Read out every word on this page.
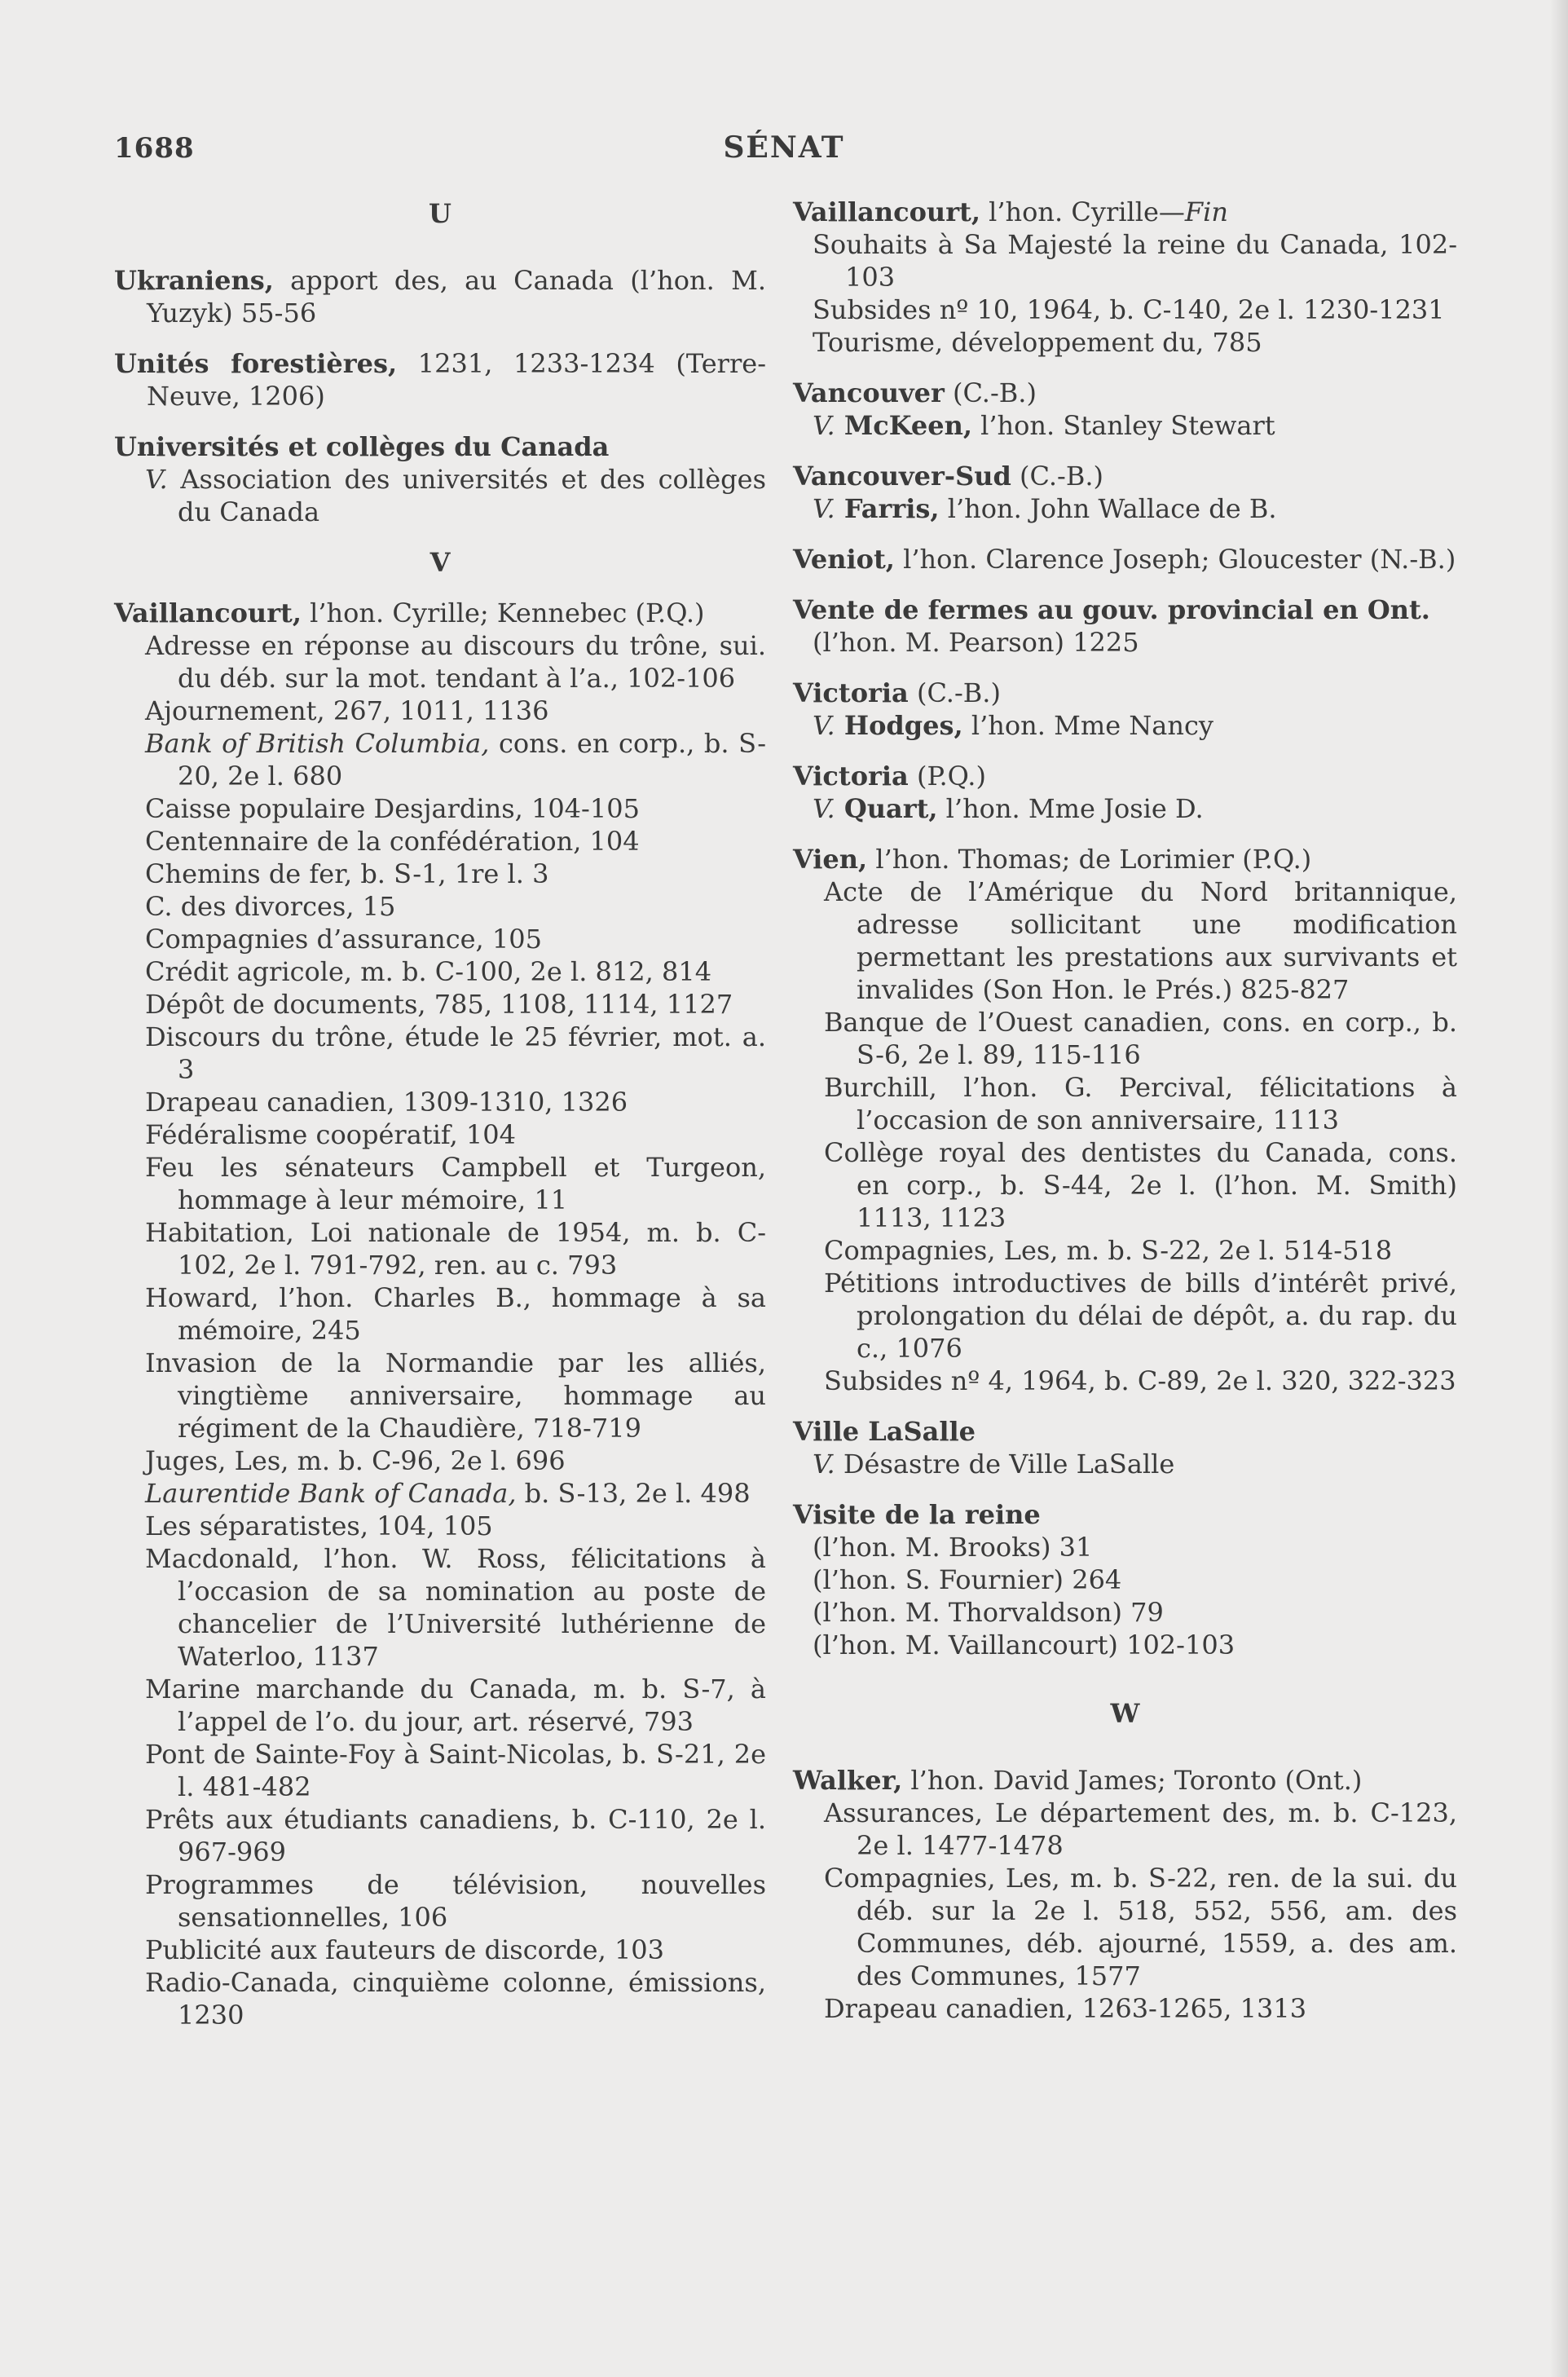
1688	SÉNAT
U
Ukraniens, apport des, au Canada (l’hon. M. Yuzyk) 55-56
Unités forestières, 1231, 1233-1234 (Terre-Neuve, 1206)
Universités et collèges du Canada
V. Association des universités et des collèges du Canada
V
Vaillancourt, l’hon. Cyrille; Kennebec (P.Q.)
Adresse en réponse au discours du trône, sui. du déb. sur la mot. tendant à l’a., 102-106
Ajournement, 267, 1011, 1136
Bank of British Columbia, cons. en corp., b. S-20, 2e l. 680
Caisse populaire Desjardins, 104-105
Centennaire de la confédération, 104
Chemins de fer, b. S-1, 1re l. 3
C. des divorces, 15
Compagnies d’assurance, 105
Crédit agricole, m. b. C-100, 2e l. 812, 814
Dépôt de documents, 785, 1108, 1114, 1127
Discours du trône, étude le 25 février, mot. a. 3
Drapeau canadien, 1309-1310, 1326
Fédéralisme coopératif, 104
Feu les sénateurs Campbell et Turgeon, hommage à leur mémoire, 11
Habitation, Loi nationale de 1954, m. b. C-102, 2e l. 791-792, ren. au c. 793
Howard, l’hon. Charles B., hommage à sa mémoire, 245
Invasion de la Normandie par les alliés, vingtième anniversaire, hommage au régiment de la Chaudière, 718-719
Juges, Les, m. b. C-96, 2e l. 696
Laurentide Bank of Canada, b. S-13, 2e l. 498
Les séparatistes, 104, 105
Macdonald, l’hon. W. Ross, félicitations à l’occasion de sa nomination au poste de chancelier de l’Université luthérienne de Waterloo, 1137
Marine marchande du Canada, m. b. S-7, à l’appel de l’o. du jour, art. réservé, 793
Pont de Sainte-Foy à Saint-Nicolas, b. S-21, 2e l. 481-482
Prêts aux étudiants canadiens, b. C-110, 2e l. 967-969
Programmes de télévision, nouvelles sensationnelles, 106
Publicité aux fauteurs de discorde, 103
Radio-Canada, cinquième colonne, émissions, 1230
Vaillancourt, l’hon. Cyrille—Fin
Souhaits à Sa Majesté la reine du Canada, 102-103
Subsides nº 10, 1964, b. C-140, 2e l. 1230-1231
Tourisme, développement du, 785
Vancouver (C.-B.)
V. McKeen, l’hon. Stanley Stewart
Vancouver-Sud (C.-B.)
V. Farris, l’hon. John Wallace de B.
Veniot, l’hon. Clarence Joseph; Gloucester (N.-B.)
Vente de fermes au gouv. provincial en Ont.
(l’hon. M. Pearson) 1225
Victoria (C.-B.)
V. Hodges, l’hon. Mme Nancy
Victoria (P.Q.)
V. Quart, l’hon. Mme Josie D.
Vien, l’hon. Thomas; de Lorimier (P.Q.)
Acte de l’Amérique du Nord britannique, adresse sollicitant une modification permettant les prestations aux survivants et invalides (Son Hon. le Prés.) 825-827
Banque de l’Ouest canadien, cons. en corp., b. S-6, 2e l. 89, 115-116
Burchill, l’hon. G. Percival, félicitations à l’occasion de son anniversaire, 1113
Collège royal des dentistes du Canada, cons. en corp., b. S-44, 2e l. (l’hon. M. Smith) 1113, 1123
Compagnies, Les, m. b. S-22, 2e l. 514-518
Pétitions introductives de bills d’intérêt privé, prolongation du délai de dépôt, a. du rap. du c., 1076
Subsides nº 4, 1964, b. C-89, 2e l. 320, 322-323
Ville LaSalle
V. Désastre de Ville LaSalle
Visite de la reine
(l’hon. M. Brooks) 31
(l’hon. S. Fournier) 264
(l’hon. M. Thorvaldson) 79
(l’hon. M. Vaillancourt) 102-103
W
Walker, l’hon. David James; Toronto (Ont.)
Assurances, Le département des, m. b. C-123, 2e l. 1477-1478
Compagnies, Les, m. b. S-22, ren. de la sui. du déb. sur la 2e l. 518, 552, 556, am. des Communes, déb. ajourné, 1559, a. des am. des Communes, 1577
Drapeau canadien, 1263-1265, 1313
